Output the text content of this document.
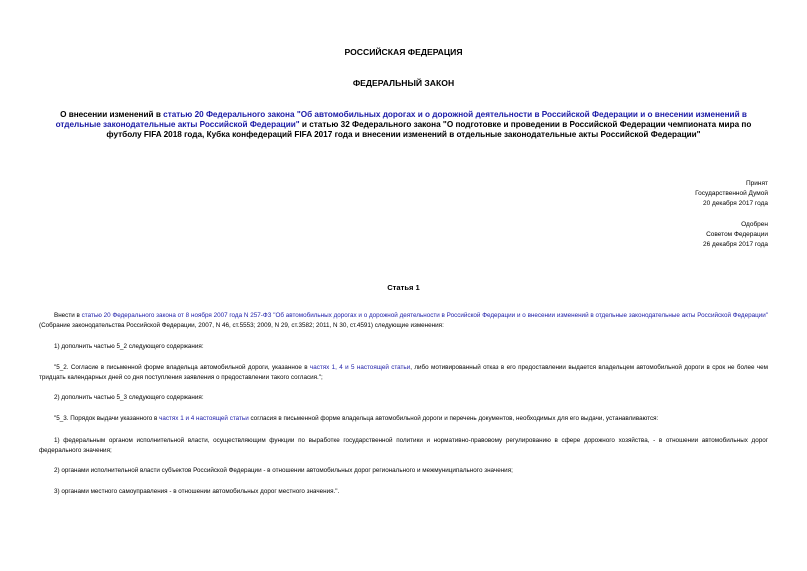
РОССИЙСКАЯ ФЕДЕРАЦИЯ
ФЕДЕРАЛЬНЫЙ ЗАКОН
О внесении изменений в статью 20 Федерального закона "Об автомобильных дорогах и о дорожной деятельности в Российской Федерации и о внесении изменений в отдельные законодательные акты Российской Федерации" и статью 32 Федерального закона "О подготовке и проведении в Российской Федерации чемпионата мира по футболу FIFA 2018 года, Кубка конфедераций FIFA 2017 года и внесении изменений в отдельные законодательные акты Российской Федерации"
Принят
Государственной Думой
20 декабря 2017 года
Одобрен
Советом Федерации
26 декабря 2017 года
Статья 1
Внести в статью 20 Федерального закона от 8 ноября 2007 года N 257-ФЗ "Об автомобильных дорогах и о дорожной деятельности в Российской Федерации и о внесении изменений в отдельные законодательные акты Российской Федерации" (Собрание законодательства Российской Федерации, 2007, N 46, ст.5553; 2009, N 29, ст.3582; 2011, N 30, ст.4591) следующие изменения:
1) дополнить частью 5_2 следующего содержания:
"5_2. Согласие в письменной форме владельца автомобильной дороги, указанное в частях 1, 4 и 5 настоящей статьи, либо мотивированный отказ в его предоставлении выдается владельцем автомобильной дороги в срок не более чем тридцать календарных дней со дня поступления заявления о предоставлении такого согласия.";
2) дополнить частью 5_3 следующего содержания:
"5_3. Порядок выдачи указанного в частях 1 и 4 настоящей статьи согласия в письменной форме владельца автомобильной дороги и перечень документов, необходимых для его выдачи, устанавливаются:
1) федеральным органом исполнительной власти, осуществляющим функции по выработке государственной политики и нормативно-правовому регулированию в сфере дорожного хозяйства, - в отношении автомобильных дорог федерального значения;
2) органами исполнительной власти субъектов Российской Федерации - в отношении автомобильных дорог регионального и межмуниципального значения;
3) органами местного самоуправления - в отношении автомобильных дорог местного значения.".
